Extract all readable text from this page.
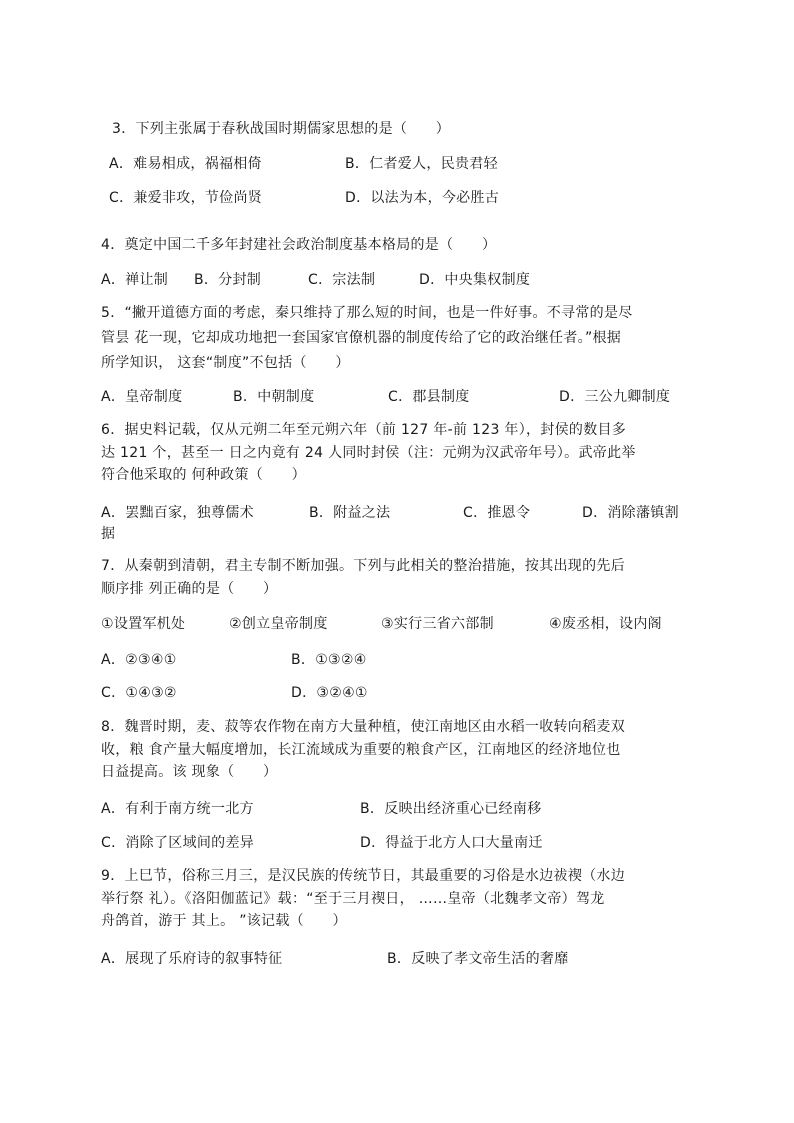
3．下列主张属于春秋战国时期儒家思想的是（　　）
A．难易相成，祸福相倚	B．仁者爱人，民贵君轻
C．兼爱非攻，节俭尚贤	D．以法为本，今必胜古
4．奠定中国二千多年封建社会政治制度基本格局的是（　　）
A．禅让制 B．分封制	C．宗法制	D．中央集权制度
5．“撇开道德方面的考虑，秦只维持了那么短的时间，也是一件好事。不寻常的是尽
管昙 花一现，它却成功地把一套国家官僚机器的制度传给了它的政治继任者。”根据
所学知识， 这套“制度”不包括（　　）
A．皇帝制度	B．中朝制度	C．郡县制度	D．三公九卿制度
6．据史料记载，仅从元朔二年至元朔六年（前 127 年-前 123 年），封侯的数目多
达 121 个，甚至一 日之内竟有 24 人同时封侯（注：元朔为汉武帝年号）。武帝此举
符合他采取的 何种政策（　　）
A．罢黜百家，独尊儒术	B．附益之法	C．推恩令	D．消除藩镇割
据
7．从秦朝到清朝，君主专制不断加强。下列与此相关的整治措施，按其出现的先后
顺序排 列正确的是（　　）
①设置军机处	②创立皇帝制度	③实行三省六部制	④废丞相，设内阁
A．②③④①	B．①③②④
C．①④③②	D．③②④①
8．魏晋时期，麦、菽等农作物在南方大量种植，使江南地区由水稻一收转向稻麦双
收，粮 食产量大幅度增加，长江流域成为重要的粮食产区，江南地区的经济地位也
日益提高。该 现象（　　）
A．有利于南方统一北方	B．反映出经济重心已经南移
C．消除了区域间的差异	D．得益于北方人口大量南迁
9．上巳节，俗称三月三，是汉民族的传统节日，其最重要的习俗是水边祓禊（水边
举行祭 礼）。《洛阳伽蓝记》载：“至于三月禊日， ……皇帝（北魏孝文帝）驾龙
舟鸽首，游于 其上。 ”该记载（　　）
A．展现了乐府诗的叙事特征	B．反映了孝文帝生活的奢靡
